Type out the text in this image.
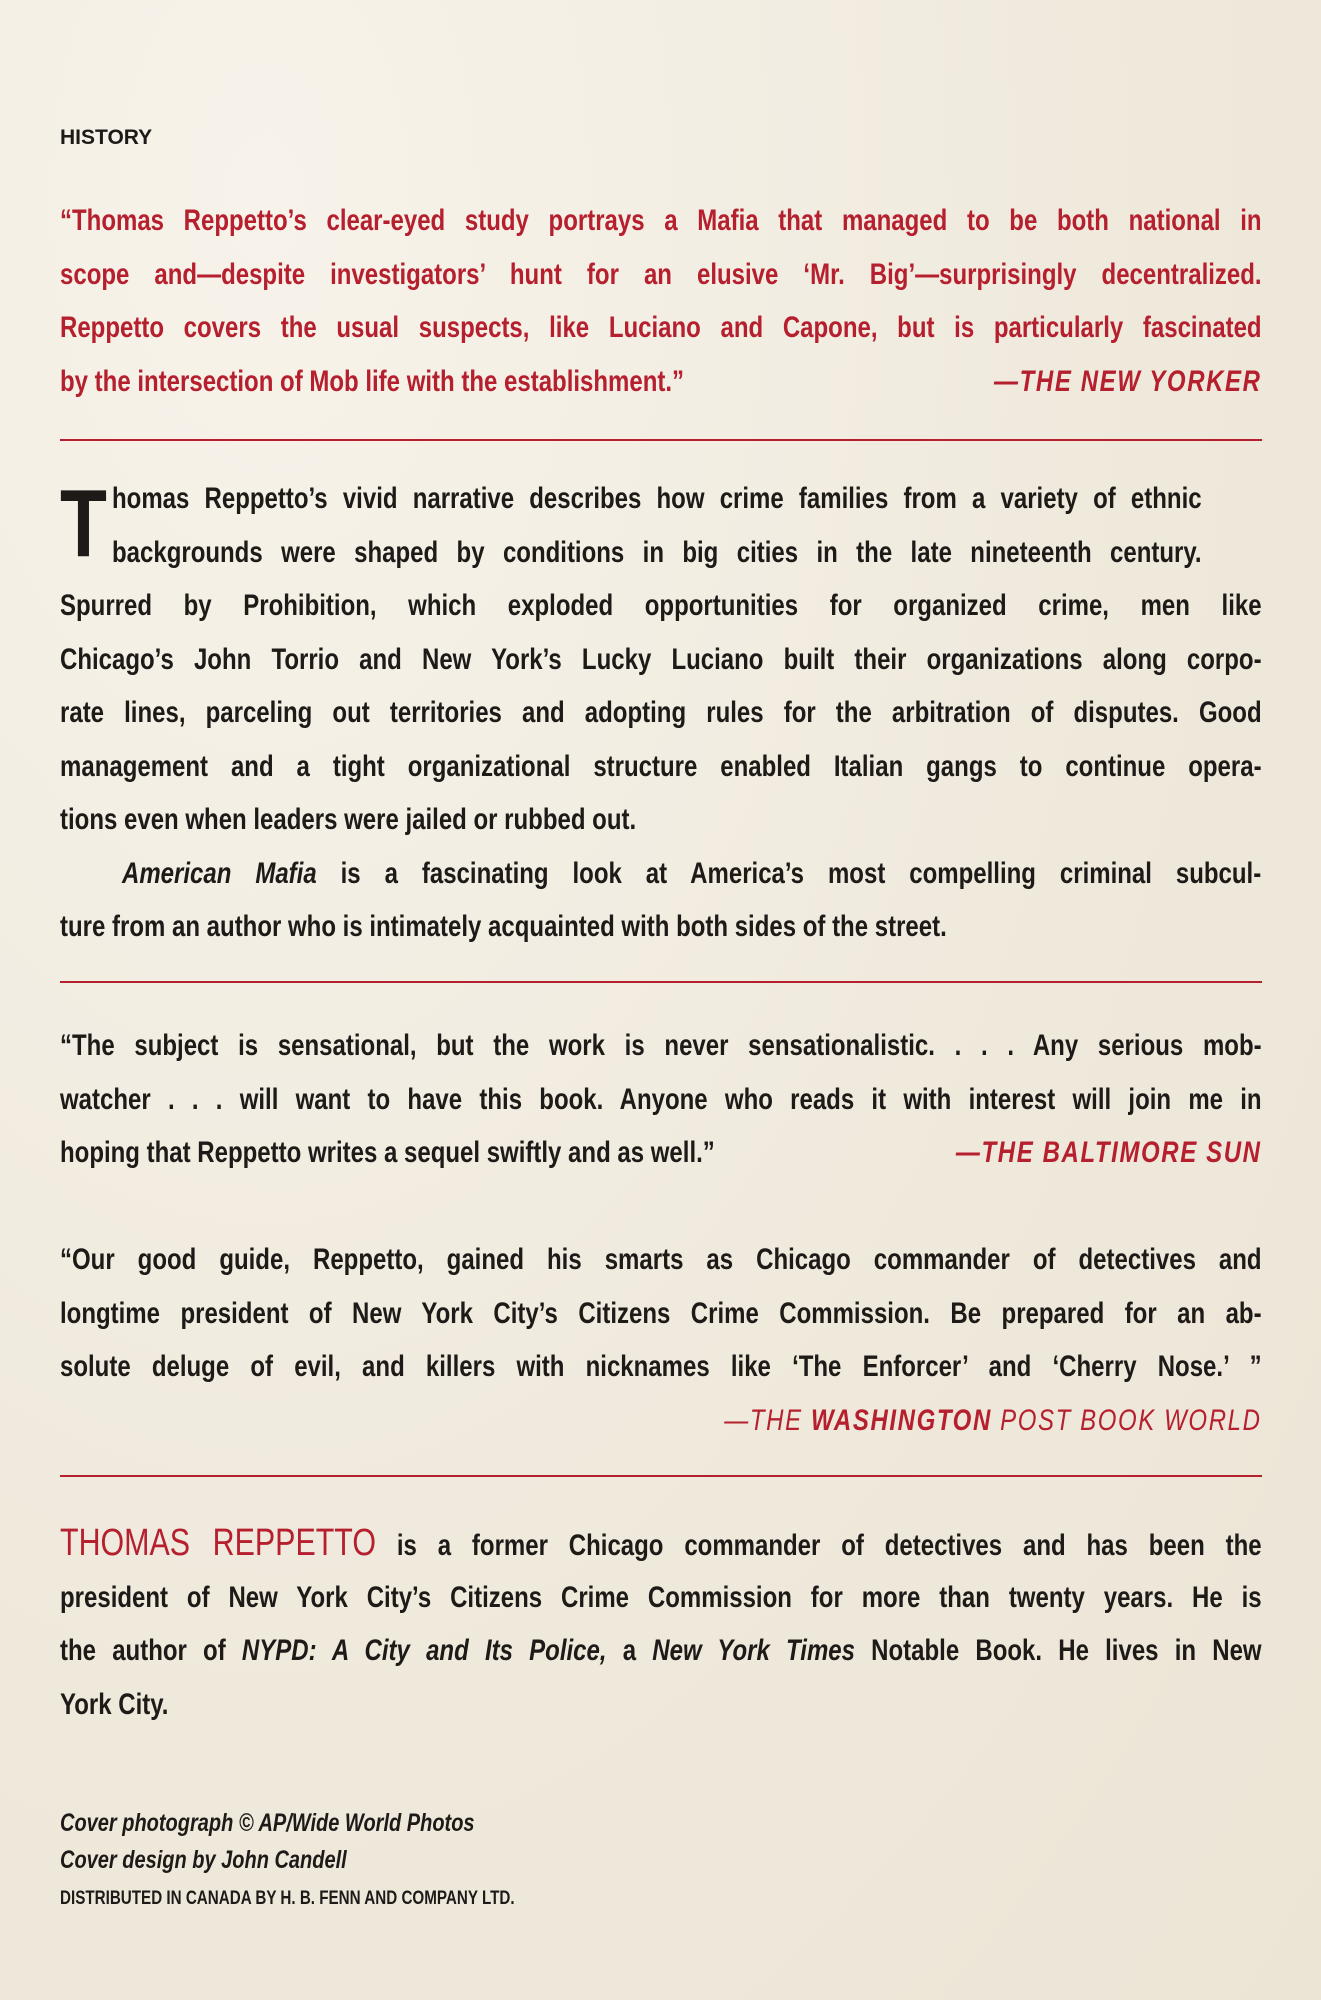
HISTORY
“Thomas Reppetto’s clear-eyed study portrays a Mafia that managed to be both national in
scope and—despite investigators’ hunt for an elusive ‘Mr. Big’—surprisingly decentralized.
Reppetto covers the usual suspects, like Luciano and Capone, but is particularly fascinated
by the intersection of Mob life with the establishment.”	—THE NEW YORKER
T homas Reppetto’s vivid narrative describes how crime families from a variety of ethnic
backgrounds were shaped by conditions in big cities in the late nineteenth century.
Spurred by Prohibition, which exploded opportunities for organized crime, men like
Chicago’s John Torrio and New York’s Lucky Luciano built their organizations along corpo-
rate lines, parceling out territories and adopting rules for the arbitration of disputes. Good
management and a tight organizational structure enabled Italian gangs to continue opera-
tions even when leaders were jailed or rubbed out.
American Mafia is a fascinating look at America’s most compelling criminal subcul-
ture from an author who is intimately acquainted with both sides of the street.
“The subject is sensational, but the work is never sensationalistic. . . . Any serious mob-
watcher . . . will want to have this book. Anyone who reads it with interest will join me in
hoping that Reppetto writes a sequel swiftly and as well.”	—THE BALTIMORE SUN
“Our good guide, Reppetto, gained his smarts as Chicago commander of detectives and
longtime president of New York City’s Citizens Crime Commission. Be prepared for an ab-
solute deluge of evil, and killers with nicknames like ‘The Enforcer’ and ‘Cherry Nose.’ ”
—THE WASHINGTON POST BOOK WORLD
THOMAS REPPETTO is a former Chicago commander of detectives and has been the
president of New York City’s Citizens Crime Commission for more than twenty years. He is
the author of NYPD: A City and Its Police, a New York Times Notable Book. He lives in New
York City.
Cover photograph © AP/Wide World Photos
Cover design by John Candell
DISTRIBUTED IN CANADA BY H. B. FENN AND COMPANY LTD.
